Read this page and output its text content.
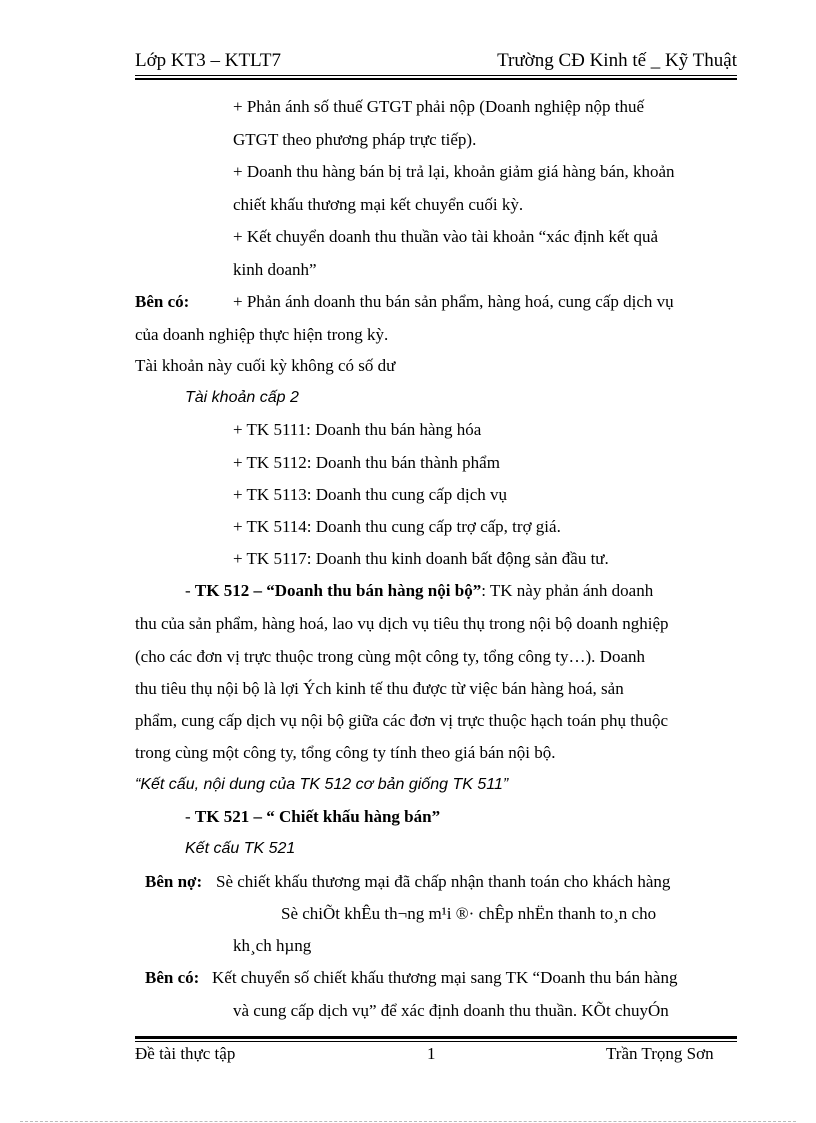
Lớp KT3 – KTLT7	Trường CĐ Kinh tế _ Kỹ Thuật
+ Phản ánh số thuế GTGT phải nộp (Doanh nghiệp nộp thuế
GTGT theo phương pháp trực tiếp).
+ Doanh thu hàng bán bị trả lại, khoản giảm giá hàng bán, khoản
chiết khấu thương mại kết chuyển cuối kỳ.
+ Kết chuyển doanh thu thuần vào tài khoản “xác định kết quả
kinh doanh”
Bên có:	+ Phản ánh doanh thu bán sản phẩm, hàng hoá, cung cấp dịch vụ
của doanh nghiệp thực hiện trong kỳ.
Tài khoản này cuối kỳ không có số dư
Tài khoản cấp 2
+ TK 5111: Doanh thu bán hàng hóa
+ TK 5112: Doanh thu bán thành phẩm
+ TK 5113: Doanh thu cung cấp dịch vụ
+ TK 5114: Doanh thu cung cấp trợ cấp, trợ giá.
+ TK 5117: Doanh thu kinh doanh bất động sản đầu tư.
- TK 512 – “Doanh thu bán hàng nội bộ”: TK này phản ánh doanh
thu của sản phẩm, hàng hoá, lao vụ dịch vụ tiêu thụ trong nội bộ doanh nghiệp
(cho các đơn vị trực thuộc trong cùng một công ty, tổng công ty…). Doanh
thu tiêu thụ nội bộ là lợi Ých kinh tế thu được từ việc bán hàng hoá, sản
phẩm, cung cấp dịch vụ nội bộ giữa các đơn vị trực thuộc hạch toán phụ thuộc
trong cùng một công ty, tổng công ty tính theo giá bán nội bộ.
“Kết cấu, nội dung của TK 512 cơ bản giống TK 511”
- TK 521 – “ Chiết khấu hàng bán”
Kết cấu TK 521
Bên nợ: Sè chiết khấu thương mại đã chấp nhận thanh toán cho khách hàng
Sè chiÕt khÊu th¬ng m¹i ®· chÊp nhËn thanh to¸n cho
kh¸ch hµng
Bên có: Kết chuyển số chiết khấu thương mại sang TK “Doanh thu bán hàng
và cung cấp dịch vụ” để xác định doanh thu thuần. KÕt chuyÓn
Đề tài thực tập	1	Trần Trọng Sơn
